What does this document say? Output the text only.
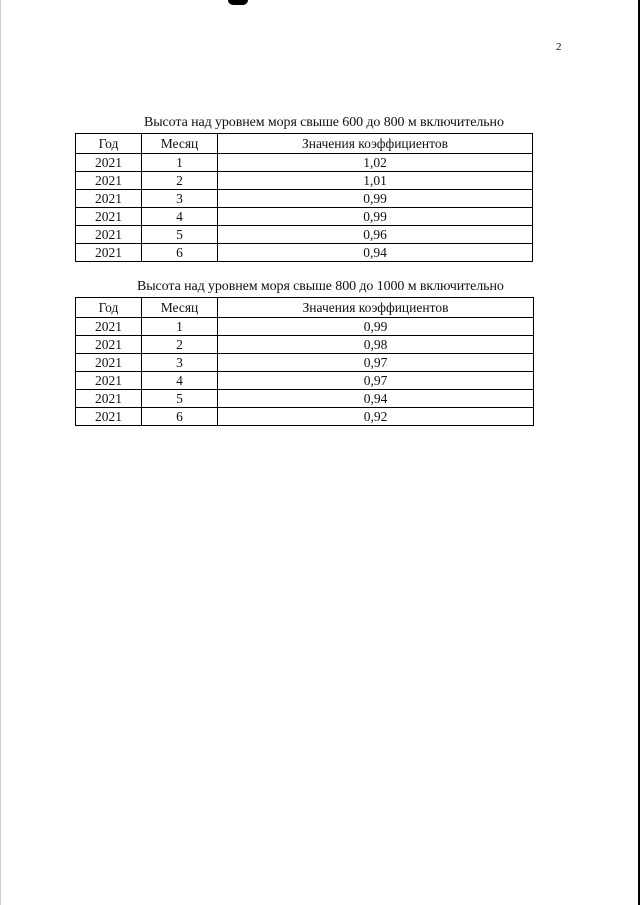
2
Высота над уровнем моря свыше 600 до 800 м включительно
Год	Месяц	Значения коэффициентов
2021	1	1,02
2021	2	1,01
2021	3	0,99
2021	4	0,99
2021	5	0,96
2021	6	0,94
Высота над уровнем моря свыше 800 до 1000 м включительно
Год	Месяц	Значения коэффициентов
2021	1	0,99
2021	2	0,98
2021	3	0,97
2021	4	0,97
2021	5	0,94
2021	6	0,92
